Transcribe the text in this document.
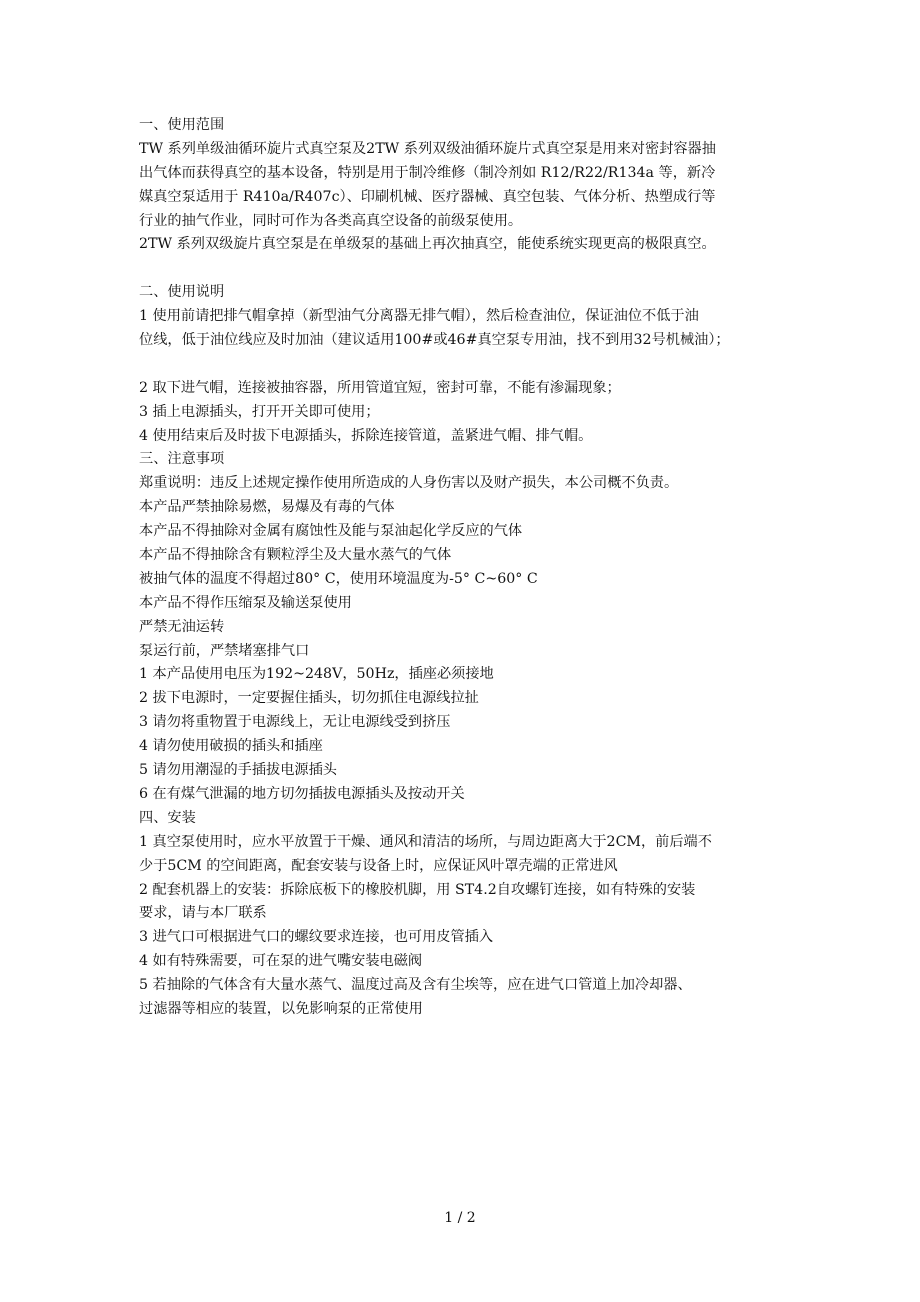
一、使用范围
TW 系列单级油循环旋片式真空泵及2TW 系列双级油循环旋片式真空泵是用来对密封容器抽
出气体而获得真空的基本设备，特别是用于制冷维修（制冷剂如 R12/R22/R134a 等，新冷
媒真空泵适用于 R410a/R407c）、印刷机械、医疗器械、真空包装、气体分析、热塑成行等
行业的抽气作业，同时可作为各类高真空设备的前级泵使用。
2TW 系列双级旋片真空泵是在单级泵的基础上再次抽真空，能使系统实现更高的极限真空。
二、使用说明
1 使用前请把排气帽拿掉（新型油气分离器无排气帽），然后检查油位，保证油位不低于油
位线，低于油位线应及时加油（建议适用100#或46#真空泵专用油，找不到用32号机械油）；
2 取下进气帽，连接被抽容器，所用管道宜短，密封可靠，不能有渗漏现象；
3 插上电源插头，打开开关即可使用；
4 使用结束后及时拔下电源插头，拆除连接管道，盖紧进气帽、排气帽。
三、注意事项
郑重说明：违反上述规定操作使用所造成的人身伤害以及财产损失，本公司概不负责。
本产品严禁抽除易燃，易爆及有毒的气体
本产品不得抽除对金属有腐蚀性及能与泵油起化学反应的气体
本产品不得抽除含有颗粒浮尘及大量水蒸气的气体
被抽气体的温度不得超过80° C，使用环境温度为-5° C~60° C
本产品不得作压缩泵及输送泵使用
严禁无油运转
泵运行前，严禁堵塞排气口
1 本产品使用电压为192~248V，50Hz，插座必须接地
2 拔下电源时，一定要握住插头，切勿抓住电源线拉扯
3 请勿将重物置于电源线上，无让电源线受到挤压
4 请勿使用破损的插头和插座
5 请勿用潮湿的手插拔电源插头
6 在有煤气泄漏的地方切勿插拔电源插头及按动开关
四、安装
1 真空泵使用时，应水平放置于干燥、通风和清洁的场所，与周边距离大于2CM，前后端不
少于5CM 的空间距离，配套安装与设备上时，应保证风叶罩壳端的正常进风
2 配套机器上的安装：拆除底板下的橡胶机脚，用 ST4.2自攻螺钉连接，如有特殊的安装
要求，请与本厂联系
3 进气口可根据进气口的螺纹要求连接，也可用皮管插入
4 如有特殊需要，可在泵的进气嘴安装电磁阀
5 若抽除的气体含有大量水蒸气、温度过高及含有尘埃等，应在进气口管道上加冷却器、
过滤器等相应的装置，以免影响泵的正常使用
1 / 2
